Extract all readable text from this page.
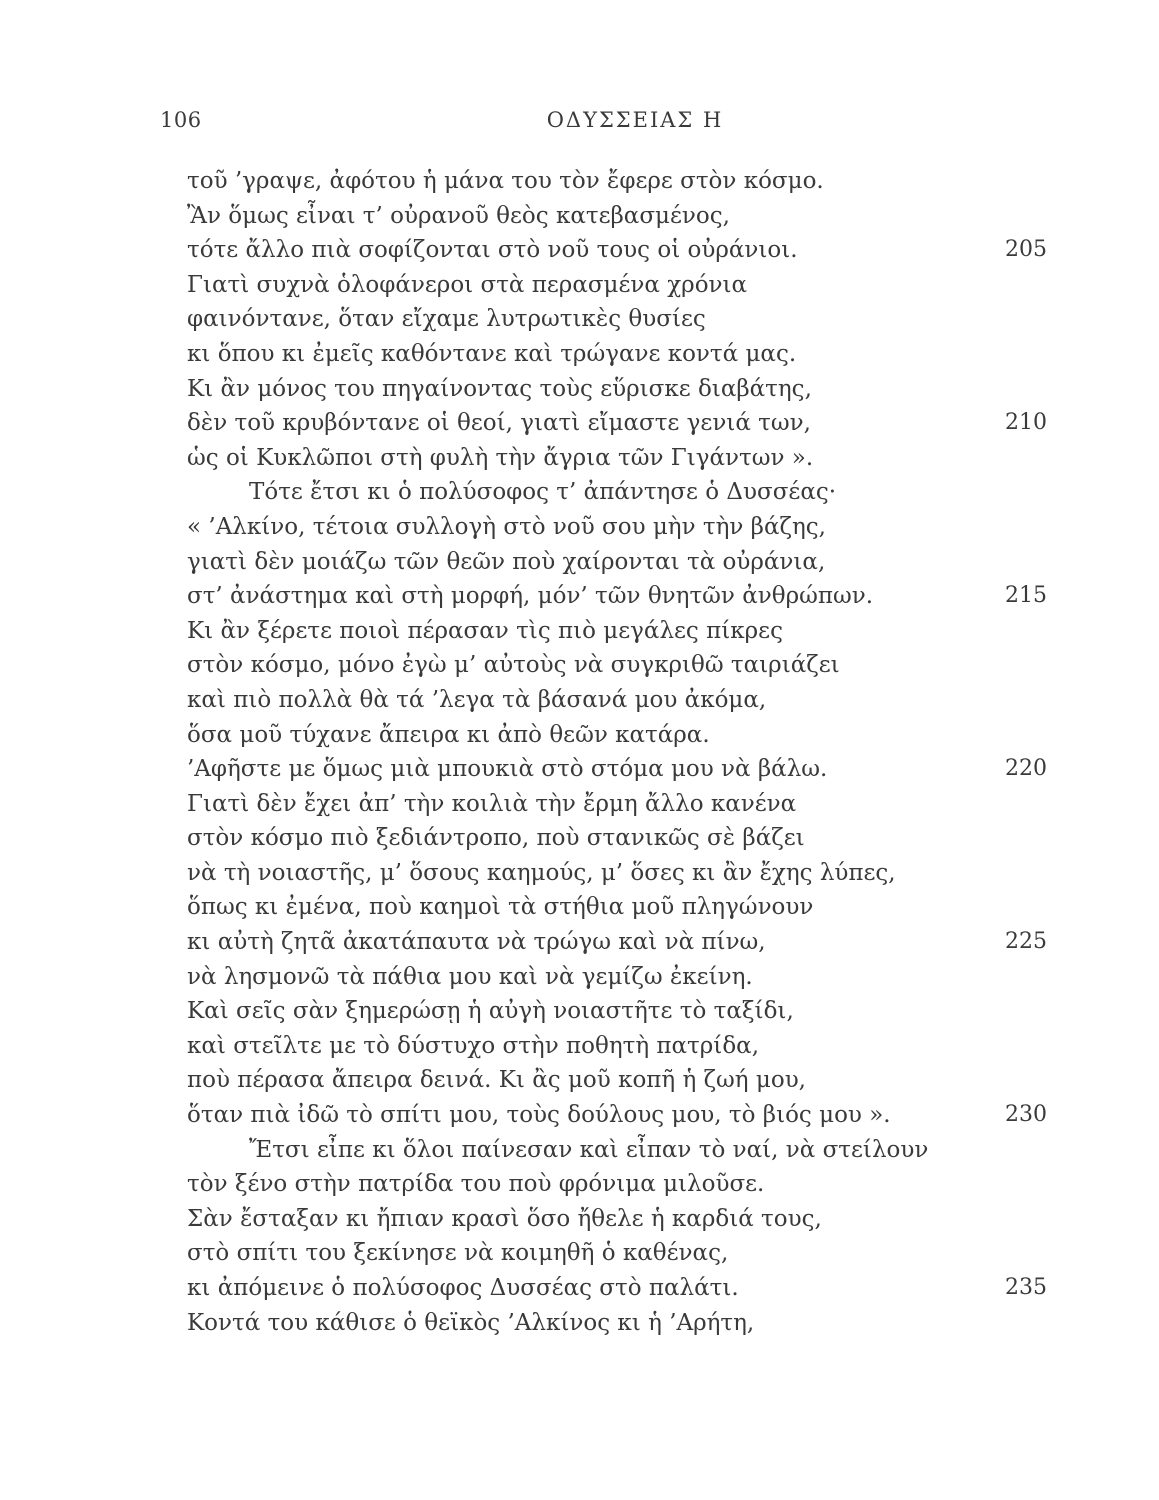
106	ΟΔΥΣΣΕΙΑΣ Η
τοῦ ’γραψε, ἀφότου ἡ μάνα του τὸν ἔφερε στὸν κόσμο.
Ἂν ὅμως εἶναι τ’ οὐρανοῦ θεὸς κατεβασμένος,
τότε ἄλλο πιὰ σοφίζονται στὸ νοῦ τους οἱ οὐράνιοι.	205
Γιατὶ συχνὰ ὁλοφάνεροι στὰ περασμένα χρόνια
φαινόντανε, ὅταν εἴχαμε λυτρωτικὲς θυσίες
κι ὅπου κι ἐμεῖς καθόντανε καὶ τρώγανε κοντά μας.
Κι ἂν μόνος του πηγαίνοντας τοὺς εὕρισκε διαβάτης,
δὲν τοῦ κρυβόντανε οἱ θεοί, γιατὶ εἴμαστε γενιά των,	210
ὡς οἱ Κυκλῶποι στὴ φυλὴ τὴν ἄγρια τῶν Γιγάντων ».
Τότε ἔτσι κι ὁ πολύσοφος τ’ ἀπάντησε ὁ Δυσσέας·
« ’Αλκίνο, τέτοια συλλογὴ στὸ νοῦ σου μὴν τὴν βάζης,
γιατὶ δὲν μοιάζω τῶν θεῶν ποὺ χαίρονται τὰ οὐράνια,
στ’ ἀνάστημα καὶ στὴ μορφή, μόν’ τῶν θνητῶν ἀνθρώπων.	215
Κι ἂν ξέρετε ποιοὶ πέρασαν τὶς πιὸ μεγάλες πίκρες
στὸν κόσμο, μόνο ἐγὼ μ’ αὐτοὺς νὰ συγκριθῶ ταιριάζει
καὶ πιὸ πολλὰ θὰ τά ’λεγα τὰ βάσανά μου ἀκόμα,
ὅσα μοῦ τύχανε ἄπειρα κι ἀπὸ θεῶν κατάρα.
’Αφῆστε με ὅμως μιὰ μπουκιὰ στὸ στόμα μου νὰ βάλω.	220
Γιατὶ δὲν ἔχει ἀπ’ τὴν κοιλιὰ τὴν ἔρμη ἄλλο κανένα
στὸν κόσμο πιὸ ξεδιάντροπο, ποὺ στανικῶς σὲ βάζει
νὰ τὴ νοιαστῆς, μ’ ὅσους καημούς, μ’ ὅσες κι ἂν ἔχης λύπες,
ὅπως κι ἐμένα, ποὺ καημοὶ τὰ στήθια μοῦ πληγώνουν
κι αὐτὴ ζητᾶ ἀκατάπαυτα νὰ τρώγω καὶ νὰ πίνω,	225
νὰ λησμονῶ τὰ πάθια μου καὶ νὰ γεμίζω ἐκείνη.
Καὶ σεῖς σὰν ξημερώσῃ ἡ αὐγὴ νοιαστῆτε τὸ ταξίδι,
καὶ στεῖλτε με τὸ δύστυχο στὴν ποθητὴ πατρίδα,
ποὺ πέρασα ἄπειρα δεινά. Κι ἂς μοῦ κοπῆ ἡ ζωή μου,
ὅταν πιὰ ἰδῶ τὸ σπίτι μου, τοὺς δούλους μου, τὸ βιός μου ».	230
Ἔτσι εἶπε κι ὅλοι παίνεσαν καὶ εἶπαν τὸ ναί, νὰ στείλουν
τὸν ξένο στὴν πατρίδα του ποὺ φρόνιμα μιλοῦσε.
Σὰν ἔσταξαν κι ἤπιαν κρασὶ ὅσο ἤθελε ἡ καρδιά τους,
στὸ σπίτι του ξεκίνησε νὰ κοιμηθῆ ὁ καθένας,
κι ἀπόμεινε ὁ πολύσοφος Δυσσέας στὸ παλάτι.	235
Κοντά του κάθισε ὁ θεϊκὸς ’Αλκίνος κι ἡ ’Αρήτη,
